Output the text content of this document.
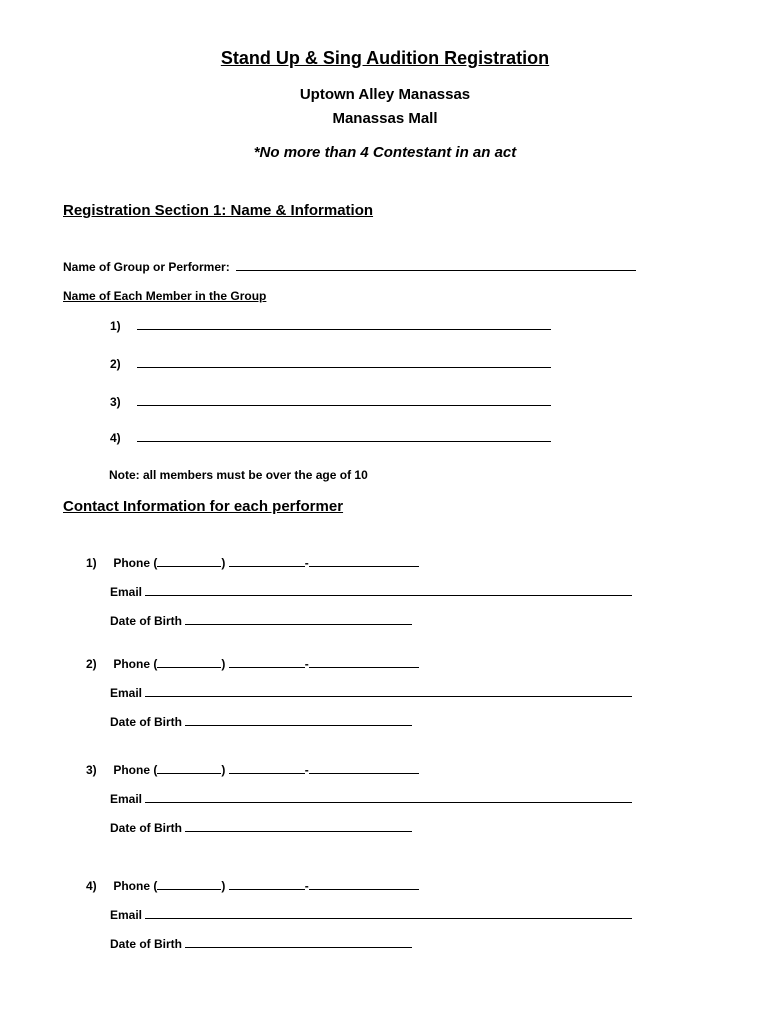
Stand Up & Sing Audition Registration
Uptown Alley Manassas
Manassas Mall
*No more than 4 Contestant in an act
Registration Section 1: Name & Information
Name of Group or Performer:
Name of Each Member in the Group
1)
2)
3)
4)
Note: all members must be over the age of 10
Contact Information for each performer
1) Phone (	)	-
Email
Date of Birth
2) Phone (	)	-
Email
Date of Birth
3) Phone (	)	-
Email
Date of Birth
4) Phone (	)	-
Email
Date of Birth
